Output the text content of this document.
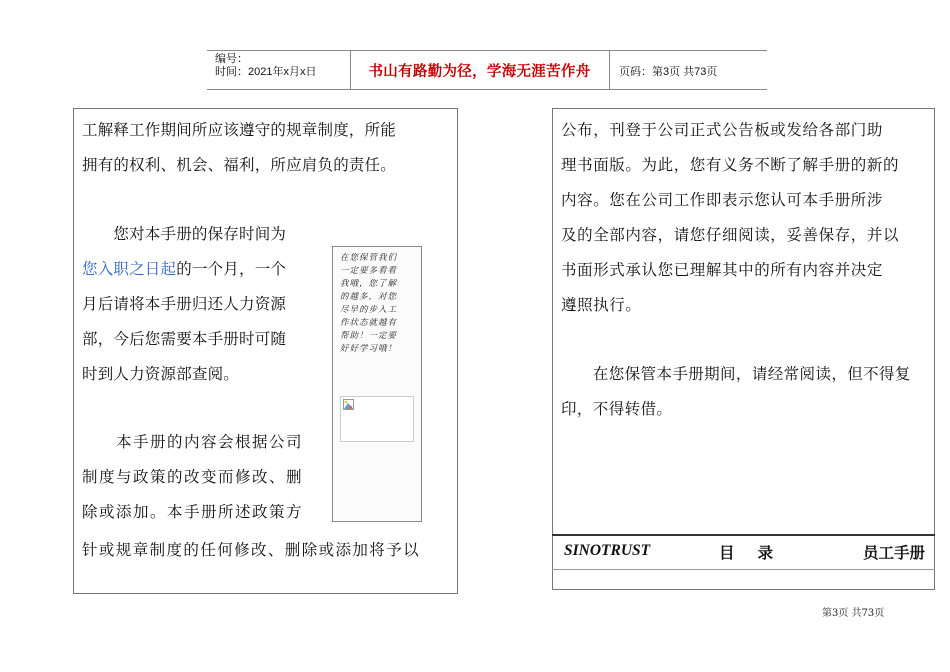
编号：
时间：2021年x月x日	书山有路勤为径，学海无涯苦作舟	页码：第3页 共73页
工解释工作期间所应该遵守的规章制度，所能
拥有的权利、机会、福利，所应肩负的责任。
　　您对本手册的保存时间为
您入职之日起的一个月，一个
月后请将本手册归还人力资源
部，今后您需要本手册时可随
时到人力资源部查阅。
　　本手册的内容会根据公司
制度与政策的改变而修改、删
除或添加。本手册所述政策方
针或规章制度的任何修改、删除或添加将予以
在您保管我们
一定要多看看
我哦，您了解
的越多，对您
尽早的步入工
作状态就越有
帮助！一定要
好好学习哦！
公布，刊登于公司正式公告板或发给各部门助
理书面版。为此，您有义务不断了解手册的新的
内容。您在公司工作即表示您认可本手册所涉
及的全部内容，请您仔细阅读，妥善保存，并以
书面形式承认您已理解其中的所有内容并决定
遵照执行。
　　在您保管本手册期间，请经常阅读，但不得复
印，不得转借。
SINOTRUST	目 录	员工手册
第3页 共73页
